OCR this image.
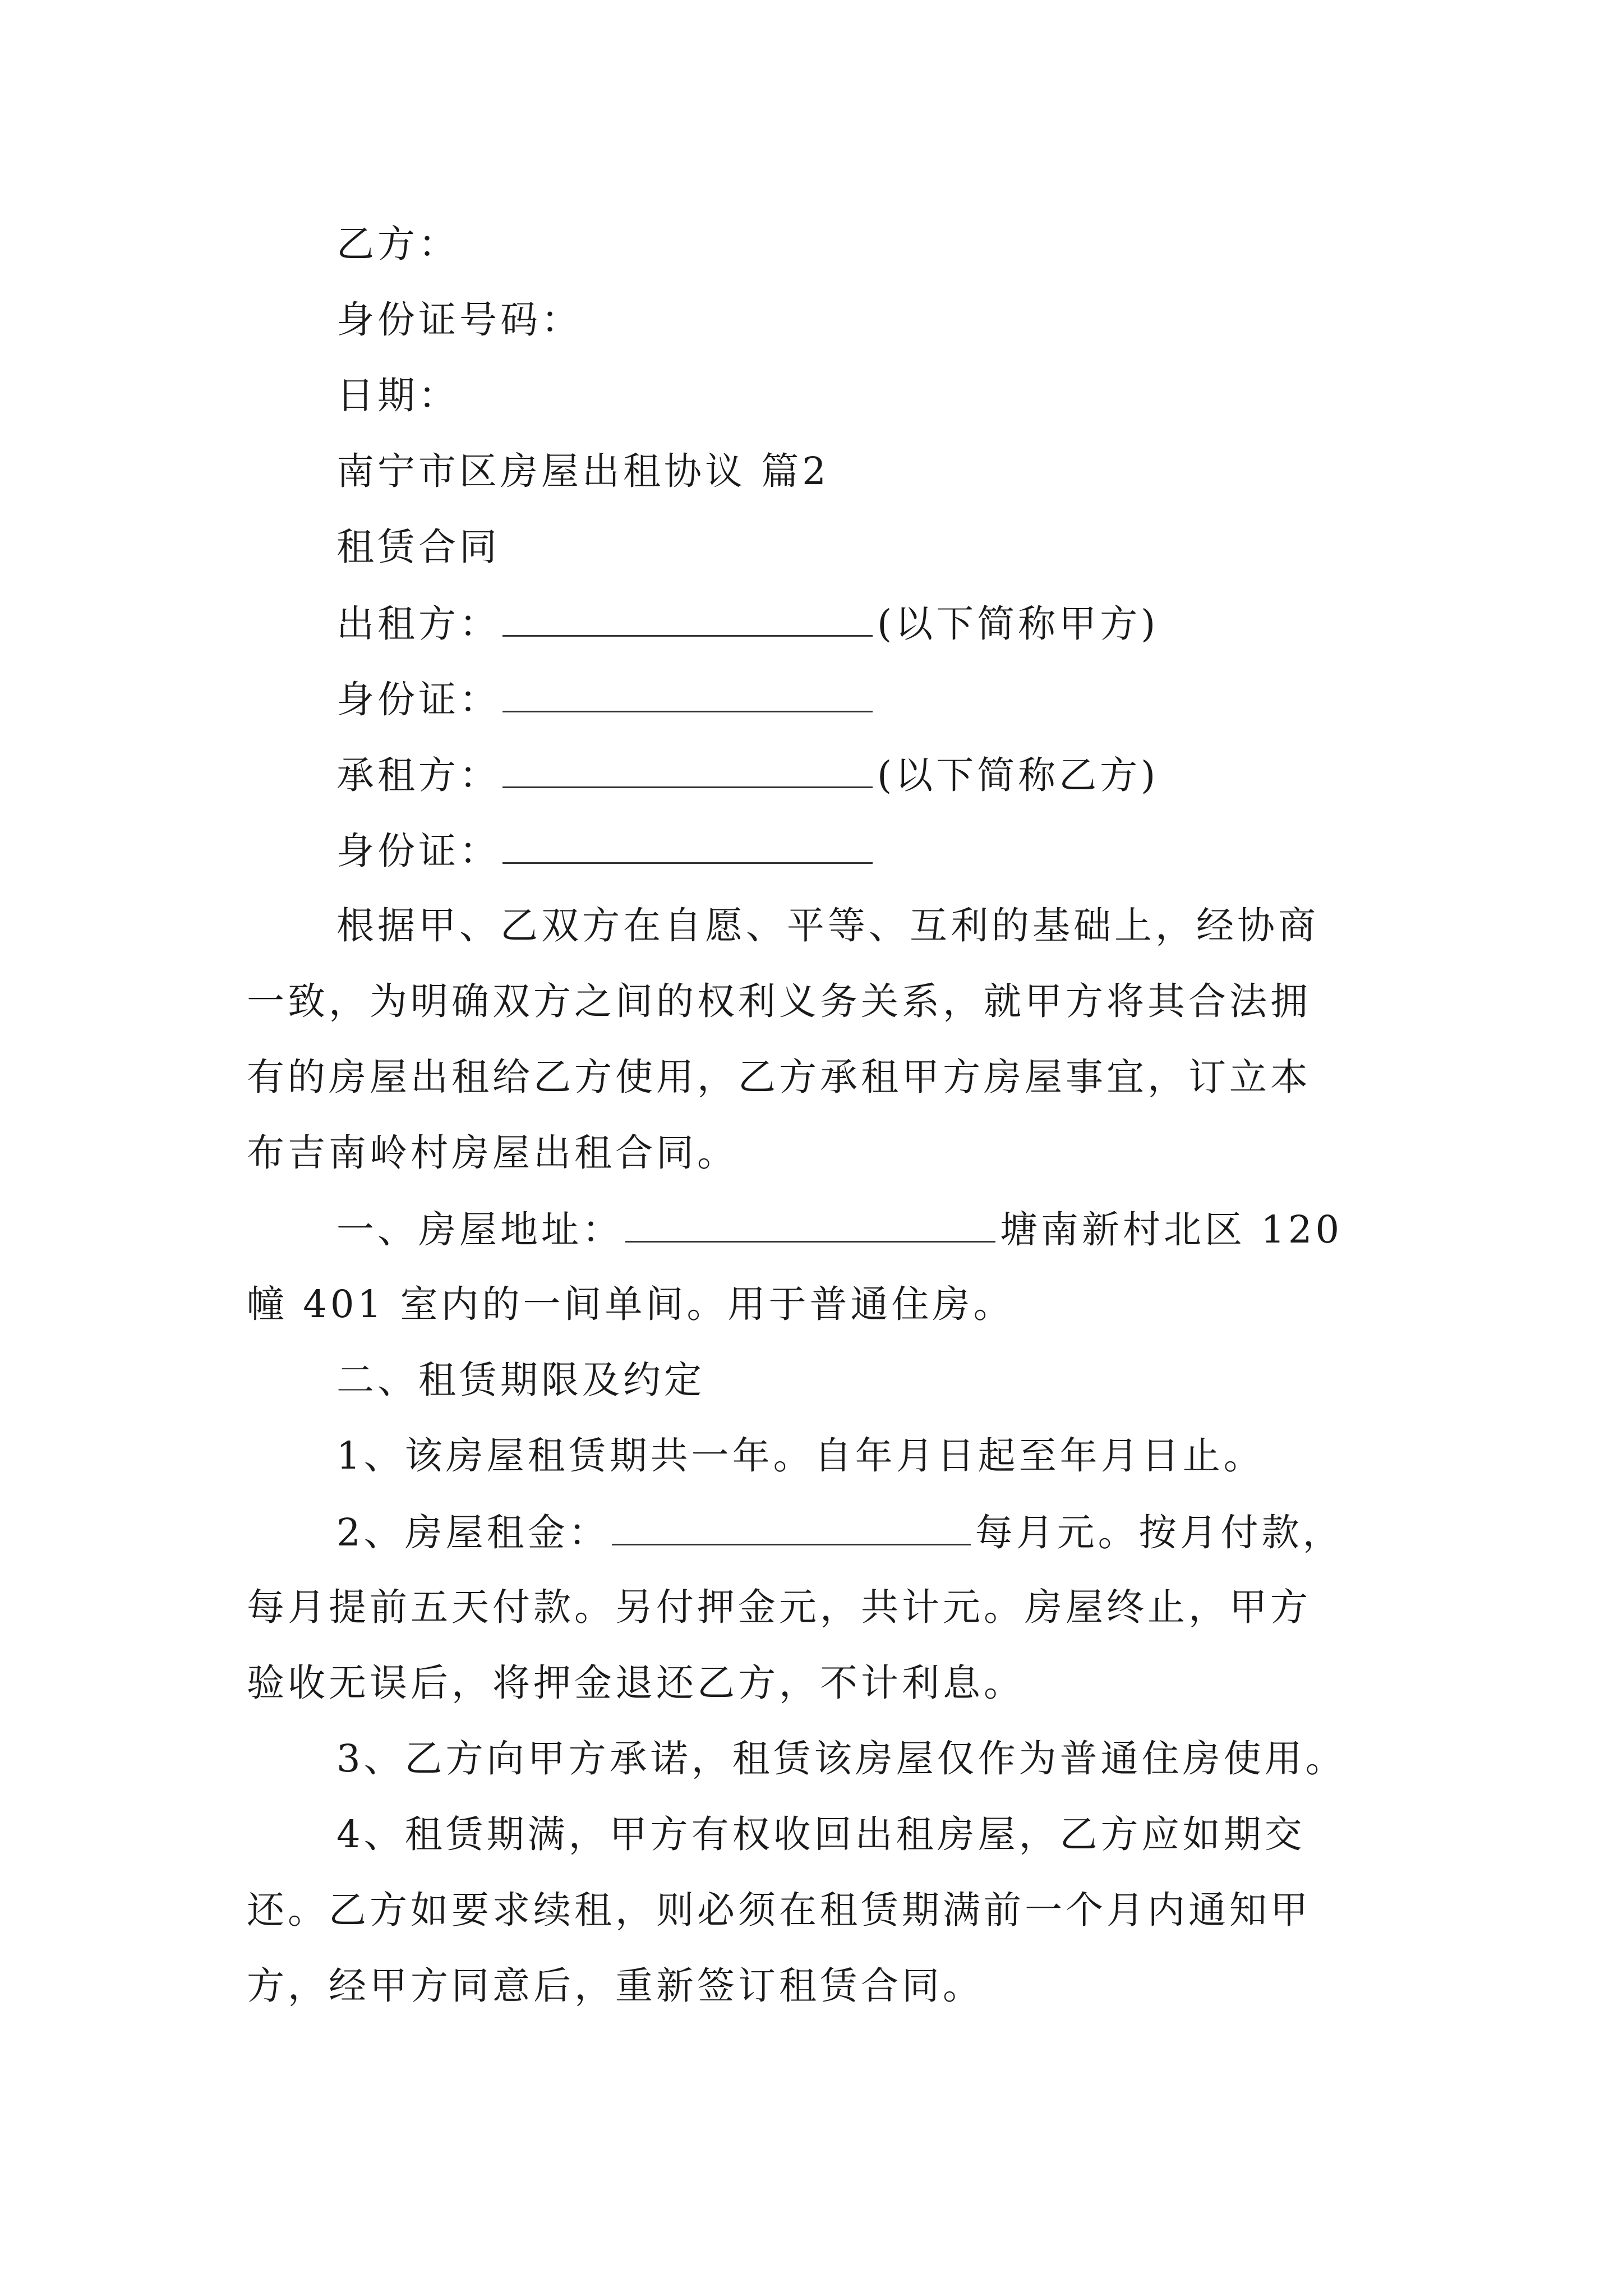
乙方：
身份证号码：
日期：
南宁市区房屋出租协议 篇2
租赁合同
出租方：	(以下简称甲方)
身份证：
承租方：	(以下简称乙方)
身份证：
根据甲、乙双方在自愿、平等、互利的基础上，经协商
一致，为明确双方之间的权利义务关系，就甲方将其合法拥
有的房屋出租给乙方使用，乙方承租甲方房屋事宜，订立本
布吉南岭村房屋出租合同。
一、房屋地址：	塘南新村北区 120
幢 401 室内的一间单间。用于普通住房。
二、租赁期限及约定
1、该房屋租赁期共一年。自年月日起至年月日止。
2、房屋租金：	每月元。按月付款，
每月提前五天付款。另付押金元，共计元。房屋终止，甲方
验收无误后，将押金退还乙方，不计利息。
3、乙方向甲方承诺，租赁该房屋仅作为普通住房使用。
4、租赁期满，甲方有权收回出租房屋，乙方应如期交
还。乙方如要求续租，则必须在租赁期满前一个月内通知甲
方，经甲方同意后，重新签订租赁合同。
